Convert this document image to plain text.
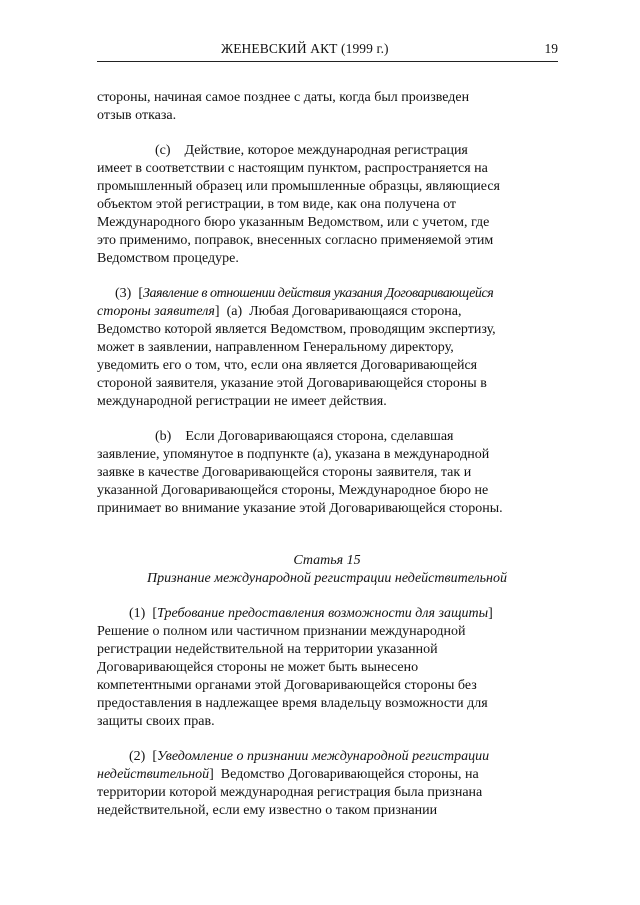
ЖЕНЕВСКИЙ АКТ (1999 г.)	19

стороны, начиная самое позднее с даты, когда был произведен
отзыв отказа.

(c) Действие, которое международная регистрация
имеет в соответствии с настоящим пунктом, распространяется на
промышленный образец или промышленные образцы, являющиеся
объектом этой регистрации, в том виде, как она получена от
Международного бюро указанным Ведомством, или с учетом, где
это применимо, поправок, внесенных согласно применяемой этим
Ведомством процедуре.

(3) [Заявление в отношении действия указания Договаривающейся
стороны заявителя] (a) Любая Договаривающаяся сторона,
Ведомство которой является Ведомством, проводящим экспертизу,
может в заявлении, направленном Генеральному директору,
уведомить его о том, что, если она является Договаривающейся
стороной заявителя, указание этой Договаривающейся стороны в
международной регистрации не имеет действия.

(b) Если Договаривающаяся сторона, сделавшая
заявление, упомянутое в подпункте (a), указана в международной
заявке в качестве Договаривающейся стороны заявителя, так и
указанной Договаривающейся стороны, Международное бюро не
принимает во внимание указание этой Договаривающейся стороны.

Статья 15
Признание международной регистрации недействительной

(1) [Требование предоставления возможности для защиты]
Решение о полном или частичном признании международной
регистрации недействительной на территории указанной
Договаривающейся стороны не может быть вынесено
компетентными органами этой Договаривающейся стороны без
предоставления в надлежащее время владельцу возможности для
защиты своих прав.

(2) [Уведомление о признании международной регистрации
недействительной] Ведомство Договаривающейся стороны, на
территории которой международная регистрация была признана
недействительной, если ему известно о таком признании
